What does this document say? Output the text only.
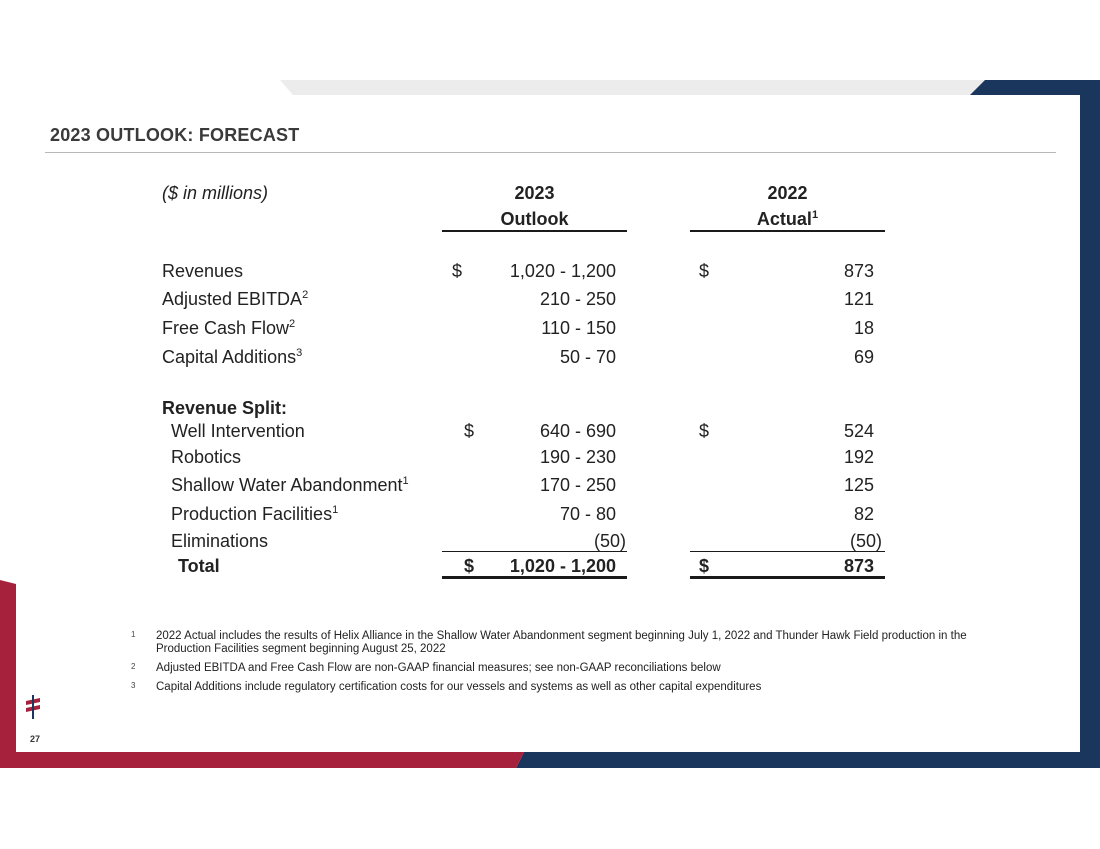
2023 OUTLOOK: FORECAST
($ in millions)	2023
Outlook
2022
Actual$^1$
Revenues	$	1,020 - 1,200	$	873
Adjusted EBITDA$^2$	210 - 250	121
Free Cash Flow$^2$	110 - 150	18
Capital Additions$^3$	50 - 70	69
Revenue Split:
Well Intervention	$	640 - 690	$	524
Robotics	190 - 230	192
Shallow Water Abandonment$^1$	170 - 250	125
Production Facilities$^1$	70 - 80	82
Eliminations	(50)	(50)
Total	$	1,020 - 1,200	$	873
1 2022 Actual includes the results of Helix Alliance in the Shallow Water Abandonment segment beginning July 1, 2022 and Thunder Hawk Field production in the Production Facilities segment beginning August 25, 2022
2 Adjusted EBITDA and Free Cash Flow are non-GAAP financial measures; see non-GAAP reconciliations below
3 Capital Additions include regulatory certification costs for our vessels and systems as well as other capital expenditures
27
